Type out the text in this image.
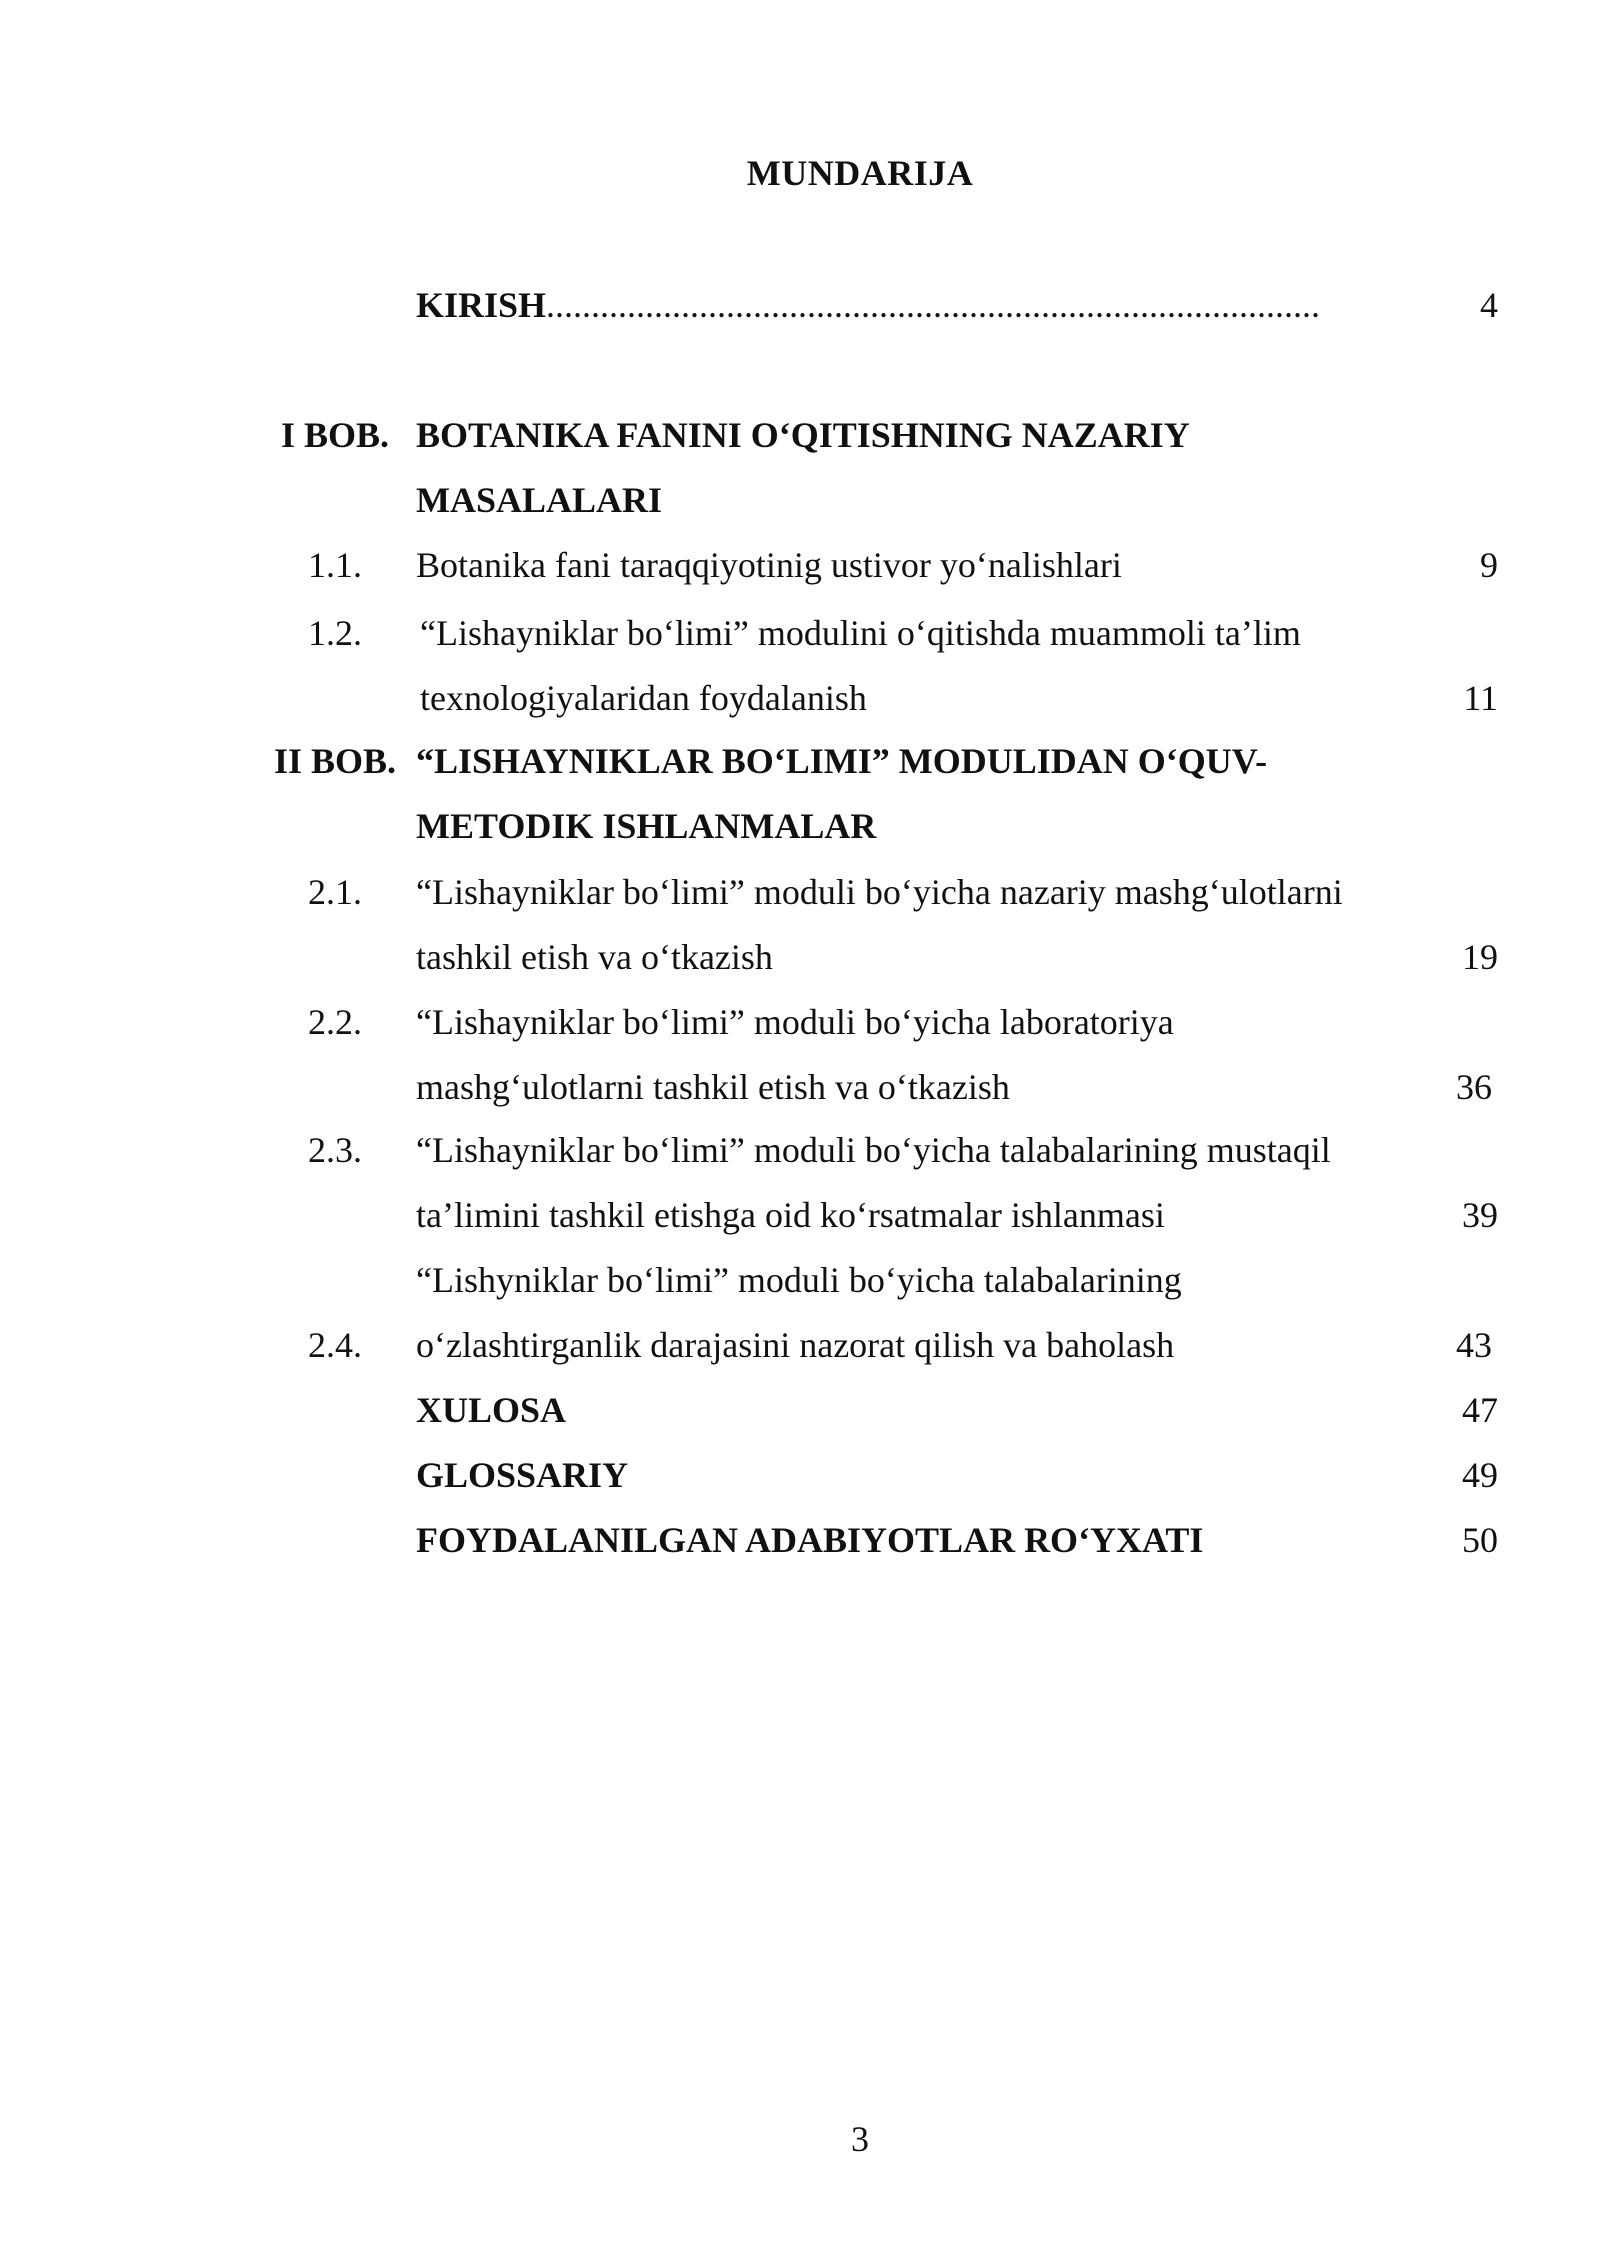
MUNDARIJA
KIRISH......................................................................................	4
I BOB. BOTANIKA FANINI O‘QITISHNING NAZARIY
MASALALARI
1.1.	Botanika fani taraqqiyotinig ustivor yo‘nalishlari	9
1.2.	“Lishayniklar bo‘limi” modulini o‘qitishda muammoli ta’lim
texnologiyalaridan foydalanish	11
II BOB. “LISHAYNIKLAR BO‘LIMI” MODULIDAN O‘QUV-
METODIK ISHLANMALAR
2.1.	“Lishayniklar bo‘limi” moduli bo‘yicha nazariy mashg‘ulotlarni
tashkil etish va o‘tkazish	19
2.2.	“Lishayniklar bo‘limi” moduli bo‘yicha laboratoriya
mashg‘ulotlarni tashkil etish va o‘tkazish	36
2.3.	“Lishayniklar bo‘limi” moduli bo‘yicha talabalarining mustaqil
ta’limini tashkil etishga oid ko‘rsatmalar ishlanmasi	39
“Lishyniklar bo‘limi” moduli bo‘yicha talabalarining
2.4.	o‘zlashtirganlik darajasini nazorat qilish va baholash	43
XULOSA	47
GLOSSARIY	49
FOYDALANILGAN ADABIYOTLAR RO‘YXATI	50
3
